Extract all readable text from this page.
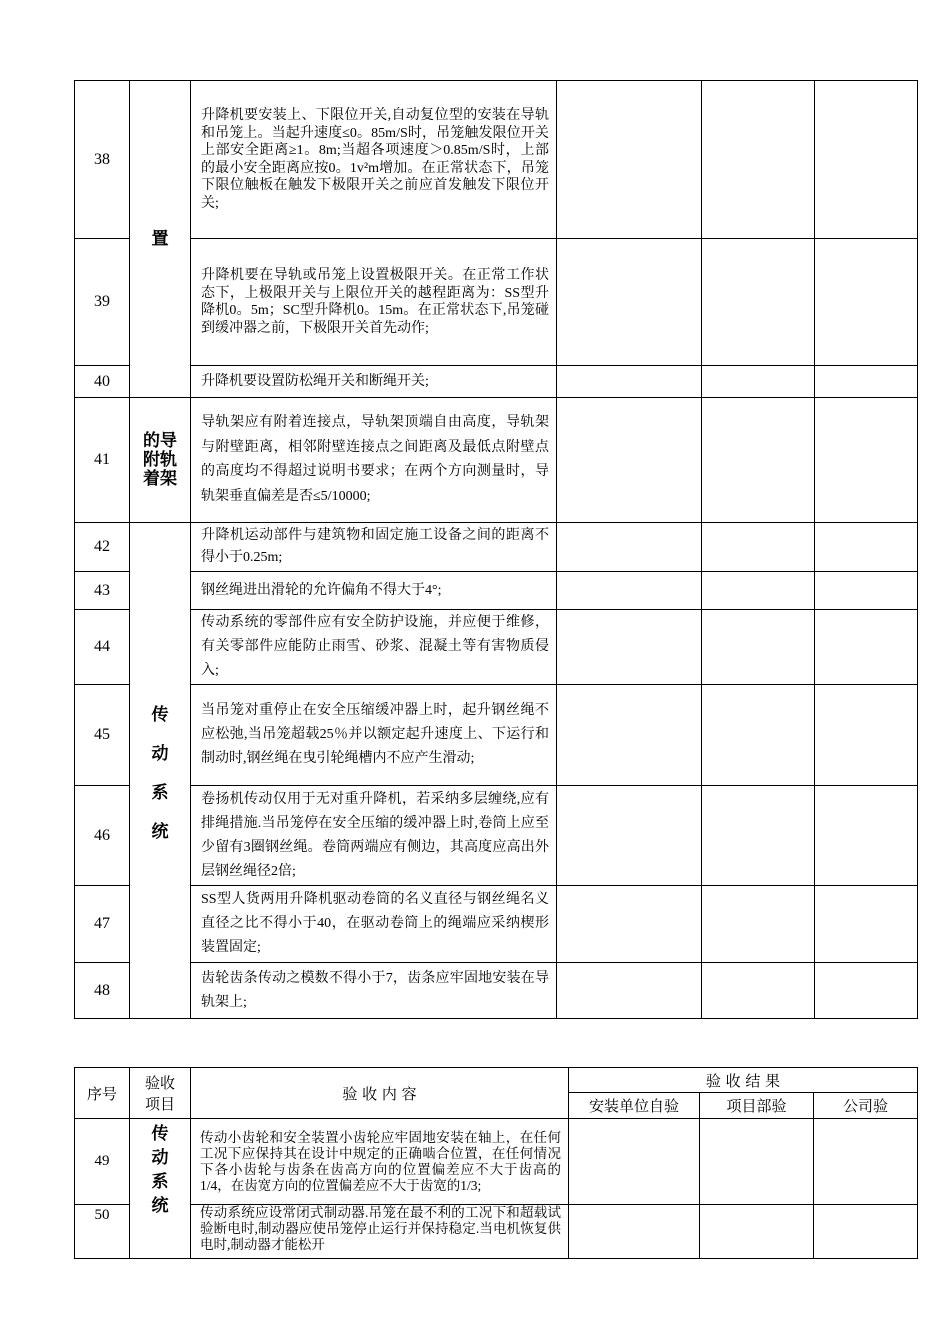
38	置	升降机要安装上、下限位开关,自动复位型的安装在导轨和吊笼上。当起升速度≤0。85m/S时，吊笼触发限位开关上部安全距离≥1。8m;当超各项速度＞0.85m/S时，上部的最小安全距离应按0。1v²m增加。在正常状态下，吊笼下限位触板在触发下极限开关之前应首发触发下限位开关;			
39		升降机要在导轨或吊笼上设置极限开关。在正常工作状态下，上极限开关与上限位开关的越程距离为：SS型升降机0。5m；SC型升降机0。15m。在正常状态下,吊笼碰到缓冲器之前，下极限开关首先动作;			
40		升降机要设置防松绳开关和断绳开关;			
41	的导
附轨
着架	导轨架应有附着连接点，导轨架顶端自由高度，导轨架与附壁距离，相邻附壁连接点之间距离及最低点附壁点的高度均不得超过说明书要求；在两个方向测量时，导轨架垂直偏差是否≤5/10000;			
42	传
动
系
统	升降机运动部件与建筑物和固定施工设备之间的距离不得小于0.25m;			
43		钢丝绳进出滑轮的允许偏角不得大于4°;			
44		传动系统的零部件应有安全防护设施，并应便于维修，有关零部件应能防止雨雪、砂浆、混凝土等有害物质侵入;			
45		当吊笼对重停止在安全压缩缓冲器上时，起升钢丝绳不应松弛,当吊笼超载25％并以额定起升速度上、下运行和制动时,钢丝绳在曳引轮绳槽内不应产生滑动;			
46		卷扬机传动仅用于无对重升降机，若采纳多层缠绕,应有排绳措施.当吊笼停在安全压缩的缓冲器上时,卷筒上应至少留有3圈钢丝绳。卷筒两端应有侧边，其高度应高出外层钢丝绳径2倍;			
47		SS型人货两用升降机驱动卷筒的名义直径与钢丝绳名义直径之比不得小于40，在驱动卷筒上的绳端应采纳楔形装置固定;			
48		齿轮齿条传动之模数不得小于7，齿条应牢固地安装在导轨架上;			
序号	验收
项目	验 收 内 容	验 收 结 果		
			安装单位自验	项目部验	公司验
49	传
动
系
统	传动小齿轮和安全装置小齿轮应牢固地安装在轴上，在任何工况下应保持其在设计中规定的正确啮合位置，在任何情况下各小齿轮与齿条在齿高方向的位置偏差应不大于齿高的1/4，在齿宽方向的位置偏差应不大于齿宽的1/3;			
50		传动系统应设常闭式制动器.吊笼在最不利的工况下和超载试验断电时,制动器应使吊笼停止运行并保持稳定.当电机恢复供电时,制动器才能松开			
